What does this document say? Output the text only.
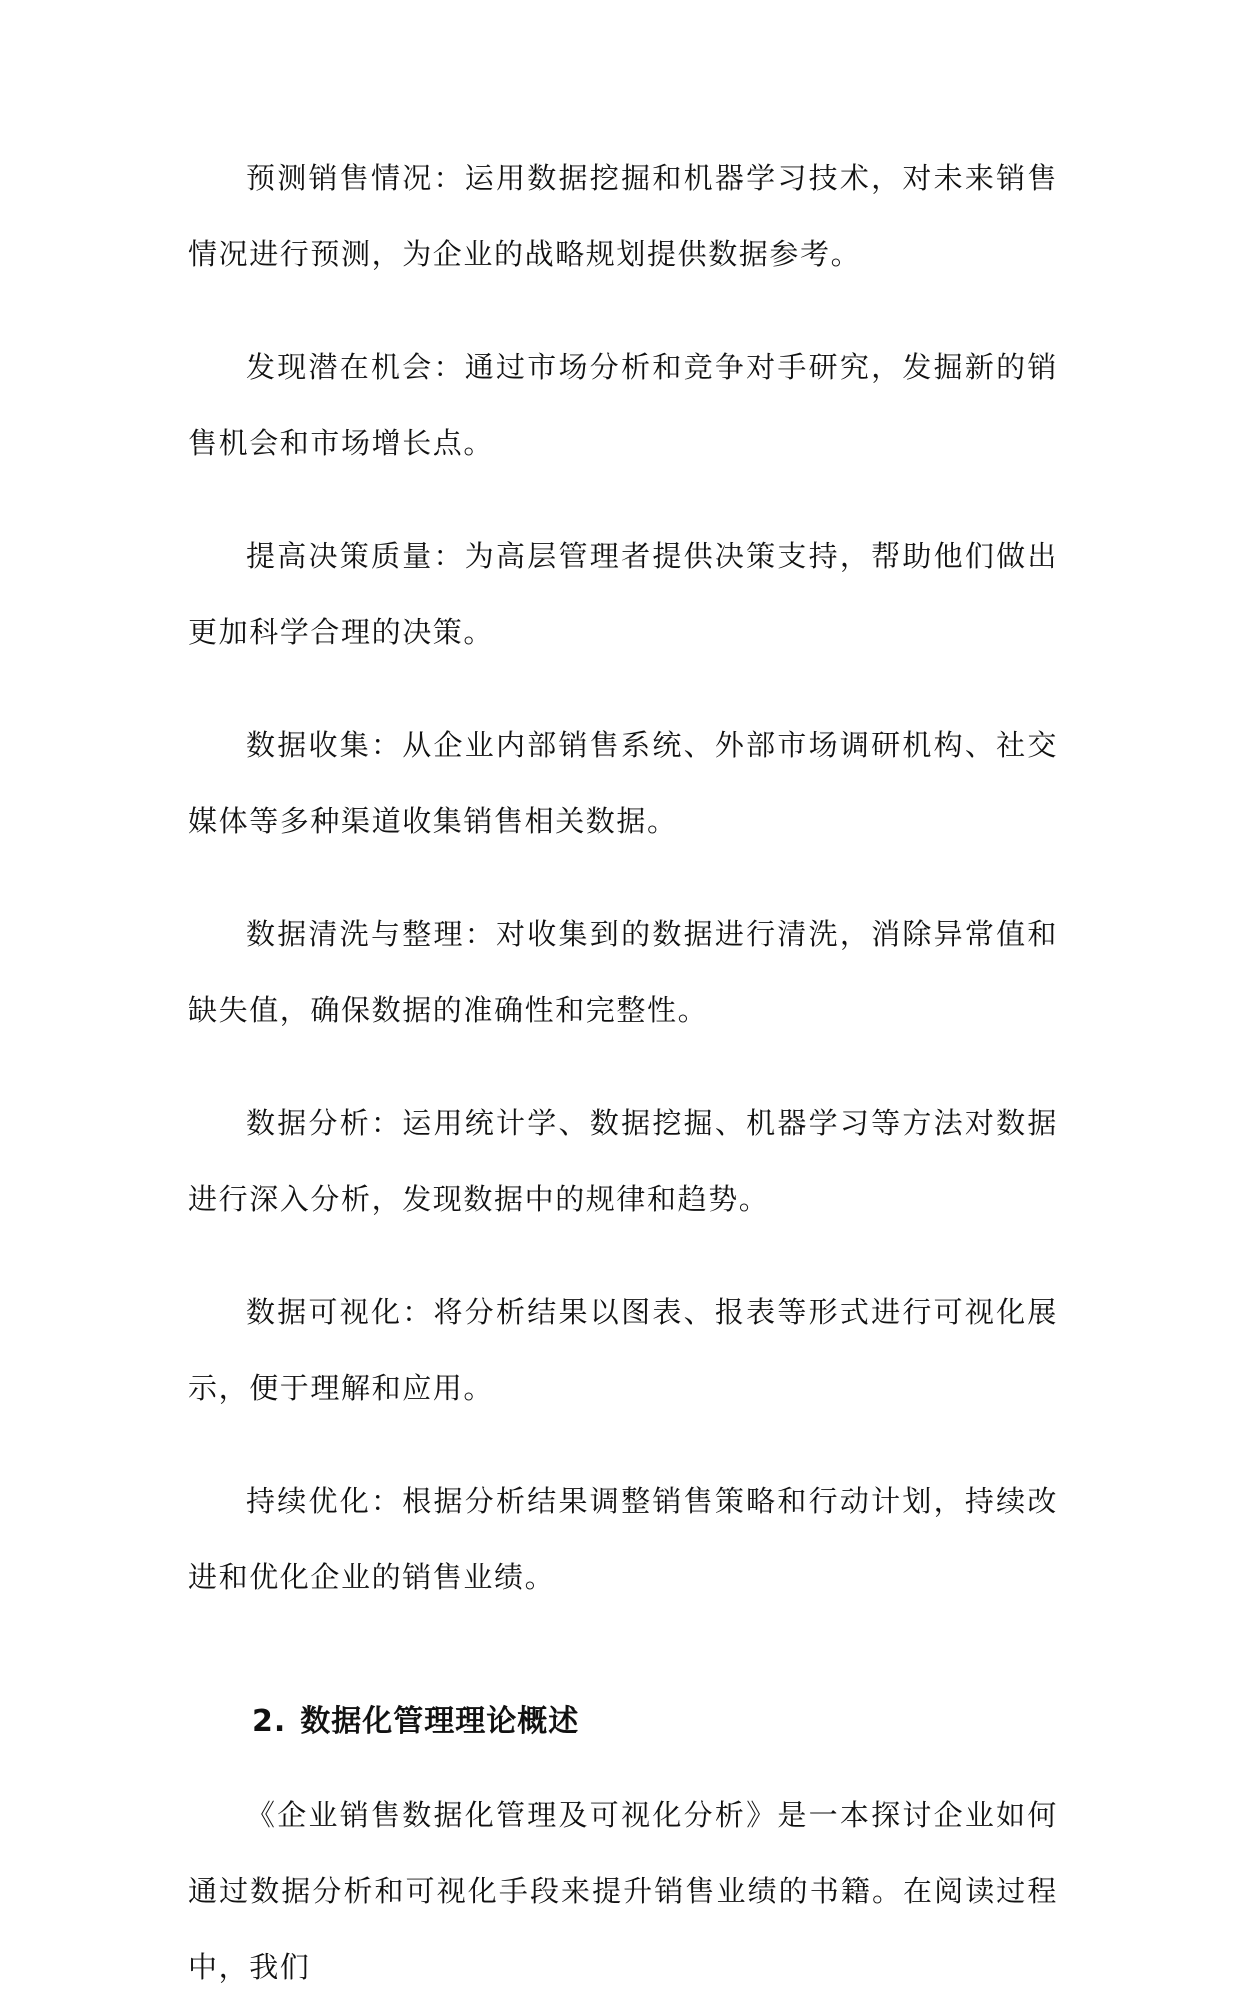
预测销售情况：运用数据挖掘和机器学习技术，对未来销售情况进行预测，为企业的战略规划提供数据参考。

发现潜在机会：通过市场分析和竞争对手研究，发掘新的销售机会和市场增长点。

提高决策质量：为高层管理者提供决策支持，帮助他们做出更加科学合理的决策。

数据收集：从企业内部销售系统、外部市场调研机构、社交媒体等多种渠道收集销售相关数据。

数据清洗与整理：对收集到的数据进行清洗，消除异常值和缺失值，确保数据的准确性和完整性。

数据分析：运用统计学、数据挖掘、机器学习等方法对数据进行深入分析，发现数据中的规律和趋势。

数据可视化：将分析结果以图表、报表等形式进行可视化展示，便于理解和应用。

持续优化：根据分析结果调整销售策略和行动计划，持续改进和优化企业的销售业绩。

2. 数据化管理理论概述

《企业销售数据化管理及可视化分析》是一本探讨企业如何通过数据分析和可视化手段来提升销售业绩的书籍。在阅读过程中，我们
